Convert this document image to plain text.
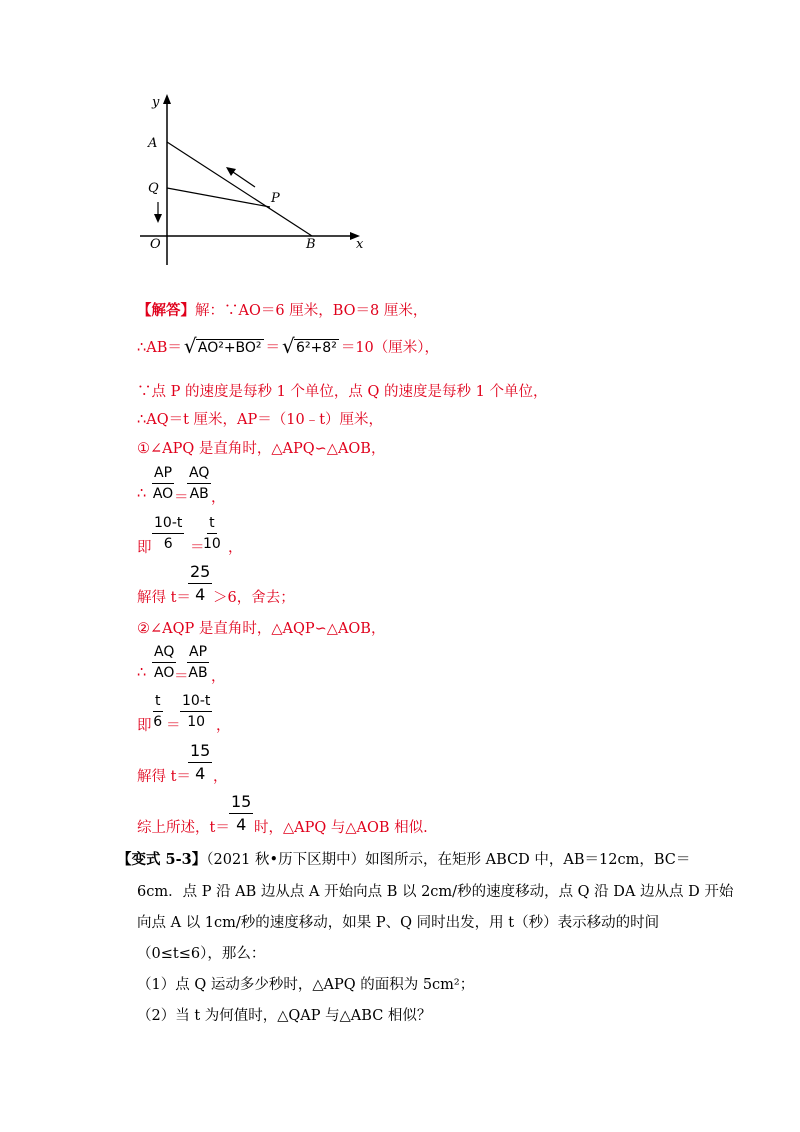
y
A
Q
O	B	x
P
【解答】解：∵AO＝6 厘米，BO＝8 厘米，
∴AB＝ √ AO²+BO² ＝ √ 6²+8² ＝10（厘米），
∵点 P 的速度是每秒 1 个单位，点 Q 的速度是每秒 1 个单位，
∴AQ＝t 厘米，AP＝（10﹣t）厘米，
①∠APQ 是直角时，△APQ∽△AOB，
∴ $\frac{AP}{AO}$ ＝
$\frac{AQ}{AB}$ ，
即 $\frac{10-t}{6}$ ＝
$\frac{t}{10}$ ，
解得 t＝
$\frac{25}{4} >6$，舍去；
②∠AQP 是直角时，△AQP∽△AOB，
∴ $\frac{AQ}{AO}$
＝
$\frac{AP}{AB}$ ，
即 $\frac{t}{6} = \frac{10-t}{10}$ ，
解得 t＝
$\frac{15}{4}$ ，
综上所述，$t= \frac{15}{4}$ 时，△APQ 与△AOB 相似.
【变式 5-3】（2021 秋•历下区期中）如图所示，在矩形 ABCD 中，AB＝12cm，BC＝
6cm．点 P 沿 AB 边从点 A 开始向点 B 以 2cm/秒的速度移动，点 Q 沿 DA 边从点 D 开始
向点 A 以 1cm/秒的速度移动，如果 P、Q 同时出发，用 t（秒）表示移动的时间
（0≤t≤6），那么：
（1）点 Q 运动多少秒时，△APQ 的面积为 5cm²；
（2）当 t 为何值时，△QAP 与△ABC 相似？
